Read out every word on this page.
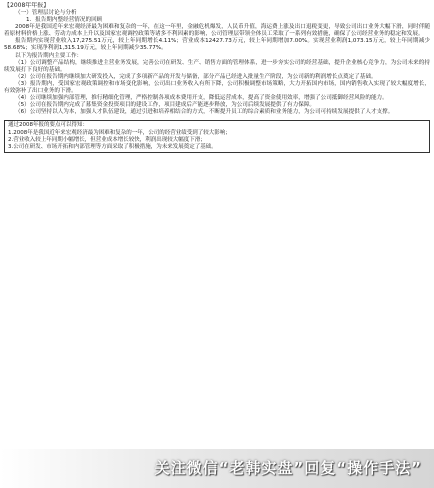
【2008年年报】
（一）管理层讨论与分析
1．报告期内整经营情况的回顾

2008年是我国近年来宏观经济最为困难和复杂的一年，在这一年里，金融危机爆发，人民币升值，海运费上涨及出口退税变更，导致公司出口业务大幅下滑，同时伴随着原材料价格上涨、劳动力成本上升以及国家宏观调控政策等诸多不利因素的影响，公司管理层带领全体员工采取了一系列有效措施，确保了公司经营业务的稳定和发展。

报告期内实现营业收入17,275.51万元，较上年同期增长4.11%；营业成本12427.73万元，较上年同期增加7.00%。实现营业利润1,073.15万元，较上年同期减少58.68%；实现净利润1,315.19万元，较上年同期减少35.77%。

以下为报告期内主要工作：

（1）公司调整产品结构，继续推进主营业务发展，完善公司在研发、生产、销售方面的管理体系，进一步夯实公司的经营基础，提升企业核心竞争力，为公司未来的持续发展打下良好的基础。

（2）公司在报告期内继续加大研发投入，完成了多项新产品的开发与储备，部分产品已经进入批量生产阶段，为公司新的利润增长点奠定了基础。

（3）报告期内，受国家宏观政策调控和市场变化影响，公司出口业务收入有所下降，公司积极调整市场策略，大力开拓国内市场，国内销售收入实现了较大幅度增长，有效弥补了出口业务的下滑。

（4）公司继续加强内部管理，推行精细化管理，严格控制各项成本费用开支，降低运营成本，提高了资金使用效率，增强了公司抵御经营风险的能力。

（5）公司在报告期内完成了募集资金投资项目的建设工作，项目建成后产能逐步释放，为公司后续发展提供了有力保障。

（6）公司坚持以人为本，加强人才队伍建设，通过引进和培养相结合的方式，不断提升员工的综合素质和业务能力，为公司可持续发展提供了人才支撑。

通过2008年报的要点可以得知：
1.2008年是我国近年来宏观经济最为困难和复杂的一年，公司的经营业绩受到了较大影响；
2.营业收入较上年同期小幅增长，但营业成本增长较快，利润出现较大幅度下滑；
3.公司在研发、市场开拓和内部管理等方面采取了积极措施，为未来发展奠定了基础。
关注微信“老韩实盘”回复“操作手法”
